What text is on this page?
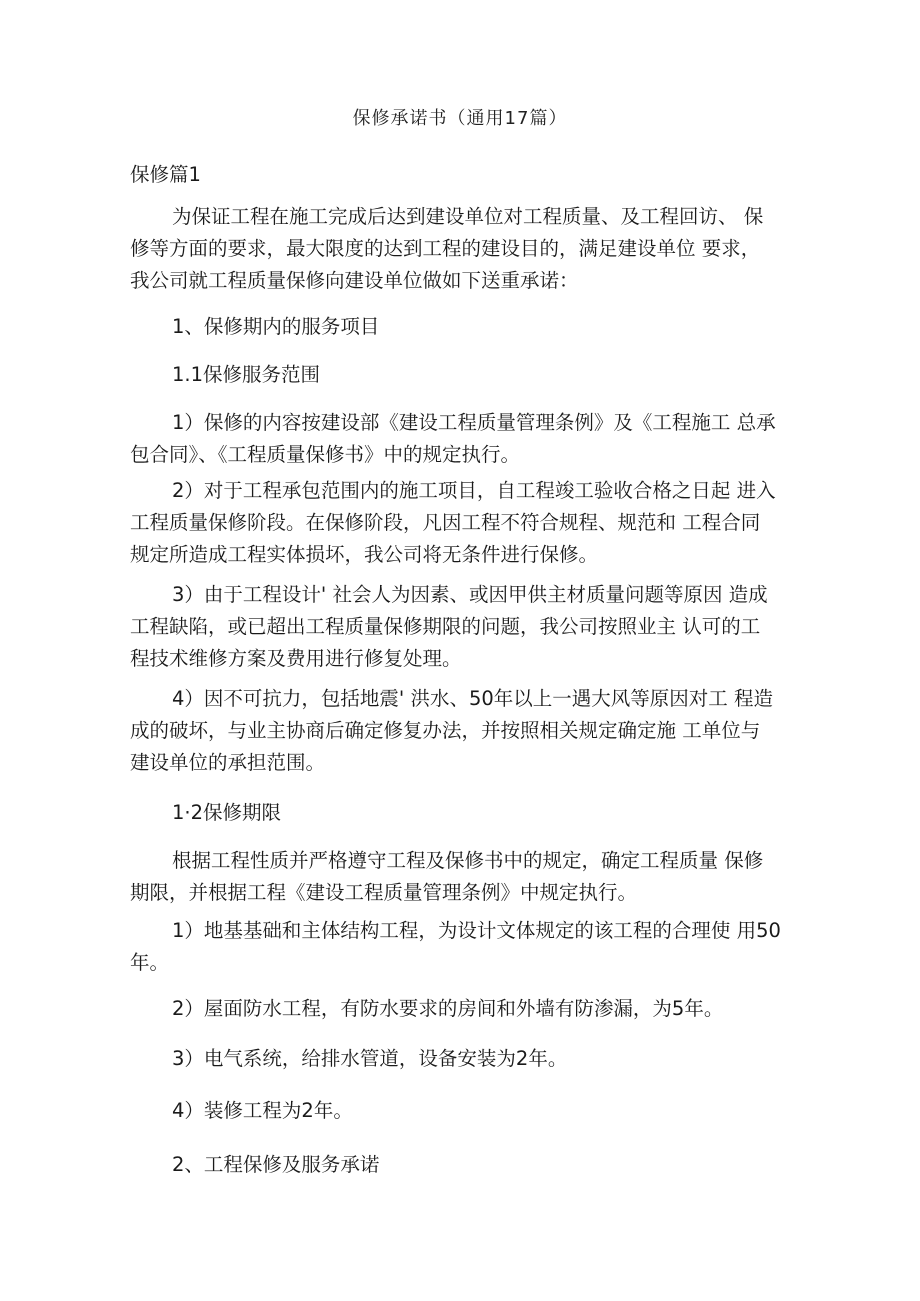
保修承诺书（通用17篇）
保修篇1
为保证工程在施工完成后达到建设单位对工程质量、及工程回访、 保
修等方面的要求，最大限度的达到工程的建设目的，满足建设单位 要求，
我公司就工程质量保修向建设单位做如下送重承诺：
1、保修期内的服务项目
1.1保修服务范围
1）保修的内容按建设部《建设工程质量管理条例》及《工程施工 总承
包合同》、《工程质量保修书》中的规定执行。
2）对于工程承包范围内的施工项目，自工程竣工验收合格之日起 进入
工程质量保修阶段。在保修阶段，凡因工程不符合规程、规范和 工程合同
规定所造成工程实体损坏，我公司将无条件进行保修。
3）由于工程设计' 社会人为因素、或因甲供主材质量问题等原因 造成
工程缺陷，或已超出工程质量保修期限的问题，我公司按照业主 认可的工
程技术维修方案及费用进行修复处理。
4）因不可抗力，包括地震' 洪水、50年以上一遇大风等原因对工 程造
成的破坏，与业主协商后确定修复办法，并按照相关规定确定施 工单位与
建设单位的承担范围。
1·2保修期限
根据工程性质并严格遵守工程及保修书中的规定，确定工程质量 保修
期限，并根据工程《建设工程质量管理条例》中规定执行。
1）地基基础和主体结构工程，为设计文体规定的该工程的合理使 用50
年。
2）屋面防水工程，有防水要求的房间和外墙有防渗漏，为5年。
3）电气系统，给排水管道，设备安装为2年。
4）装修工程为2年。
2、工程保修及服务承诺
